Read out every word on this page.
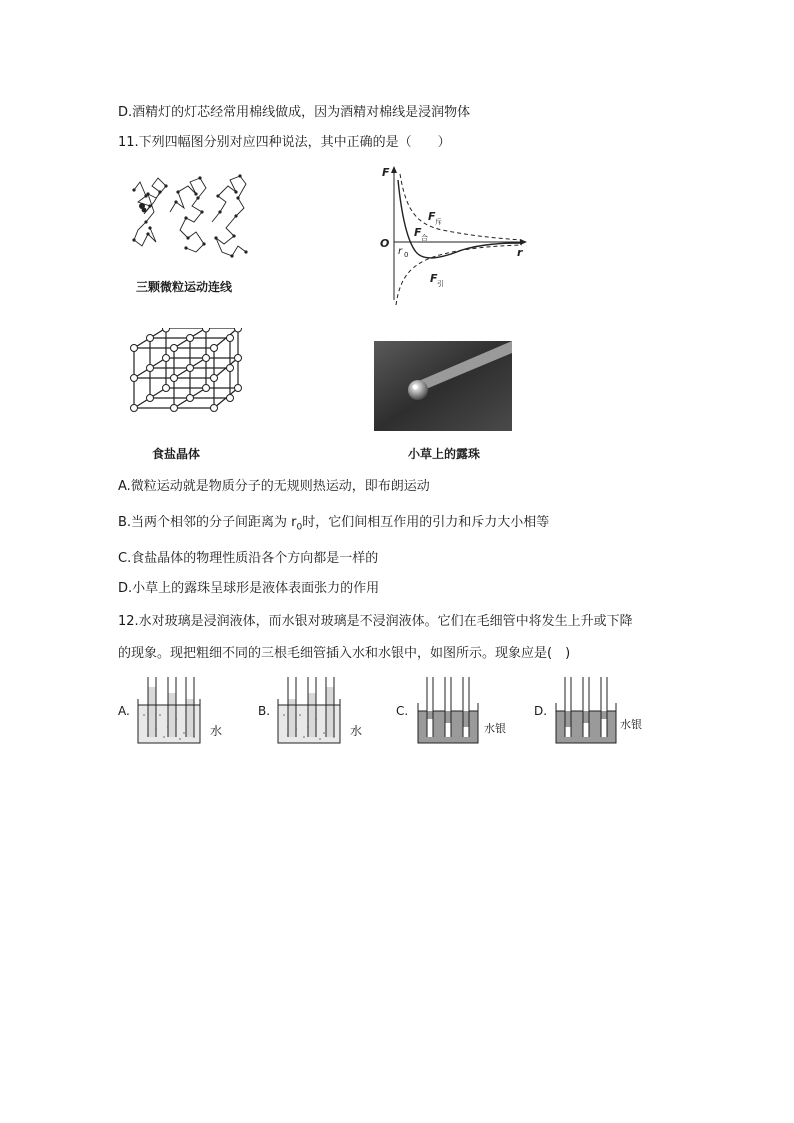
D.酒精灯的灯芯经常用棉线做成，因为酒精对棉线是浸润物体
11.下列四幅图分别对应四种说法，其中正确的是（　　）
三颗微粒运动连线
F
r
O
r 0
F 斥
F 合
F 引
食盐晶体	小草上的露珠
A.微粒运动就是物质分子的无规则热运动，即布朗运动
B.当两个相邻的分子间距离为 $r_0$时，它们间相互作用的引力和斥力大小相等
C.食盐晶体的物理性质沿各个方向都是一样的
D.小草上的露珠呈球形是液体表面张力的作用
12.水对玻璃是浸润液体，而水银对玻璃是不浸润液体。它们在毛细管中将发生上升或下降
的现象。现把粗细不同的三根毛细管插入水和水银中，如图所示。现象应是(　)
A.
水
B.
水
C.
水银
D.
水银
